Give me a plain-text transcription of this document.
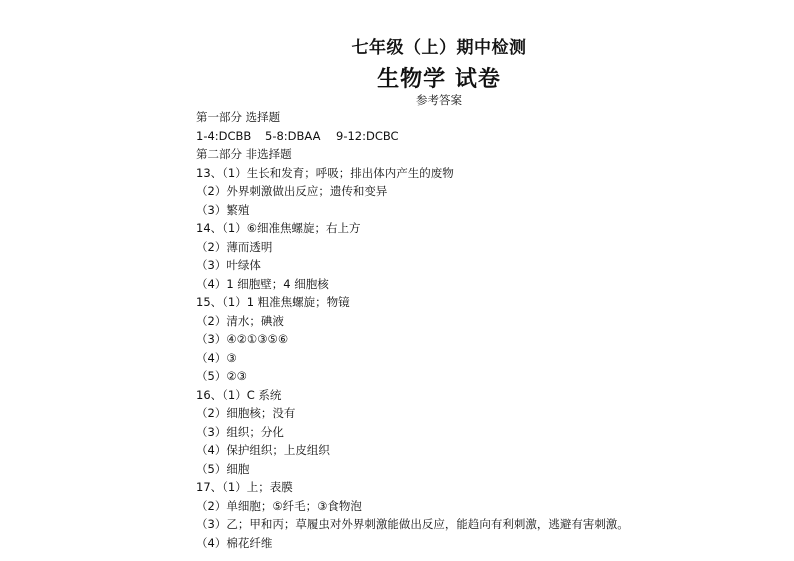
七年级（上）期中检测
生物学 试卷
参考答案
第一部分 选择题
1-4:DCBB 5-8:DBAA 9-12:DCBC
第二部分 非选择题
13、（1）生长和发育；呼吸；排出体内产生的废物
（2）外界刺激做出反应；遗传和变异
（3）繁殖
14、（1）⑥细准焦螺旋；右上方
（2）薄而透明
（3）叶绿体
（4）1 细胞壁；4 细胞核
15、（1）1 粗准焦螺旋；物镜
（2）清水；碘液
（3）④②①③⑤⑥
（4）③
（5）②③
16、（1）C 系统
（2）细胞核；没有
（3）组织；分化
（4）保护组织；上皮组织
（5）细胞
17、（1）上；表膜
（2）单细胞；⑤纤毛；③食物泡
（3）乙；甲和丙；草履虫对外界刺激能做出反应，能趋向有利刺激，逃避有害刺激。
（4）棉花纤维
